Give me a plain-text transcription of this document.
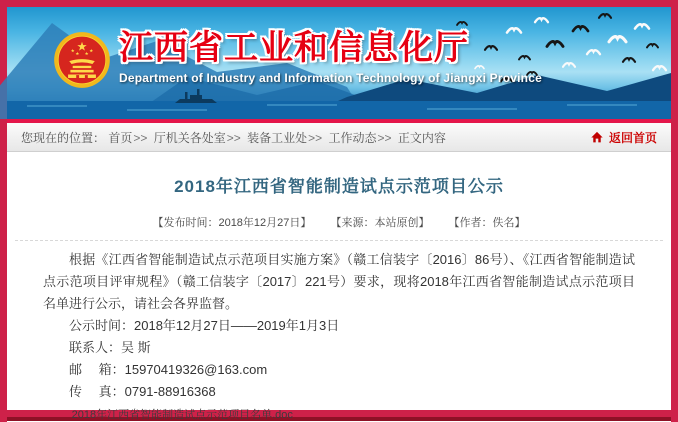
江西省工业和信息化厅
Department of Industry and Information Technology of Jiangxi Province
您现在的位置： 首页>> 厅机关各处室>> 装备工业处>> 工作动态>> 正文内容	返回首页
2018年江西省智能制造试点示范项目公示
【发布时间：2018年12月27日】 【来源：本站原创】 【作者：佚名】

根据《江西省智能制造试点示范项目实施方案》（赣工信装字〔2016〕86号）、《江西省智能制造试点示范项目评审规程》（赣工信装字〔2017〕221号）要求，现将2018年江西省智能制造试点示范项目名单进行公示，请社会各界监督。

公示时间：2018年12月27日——2019年1月3日

联系人：吴 斯

邮　 箱：15970419326@163.com

传　 真：0791-88916368

2018年江西省智能制造试点示范项目名单.doc
